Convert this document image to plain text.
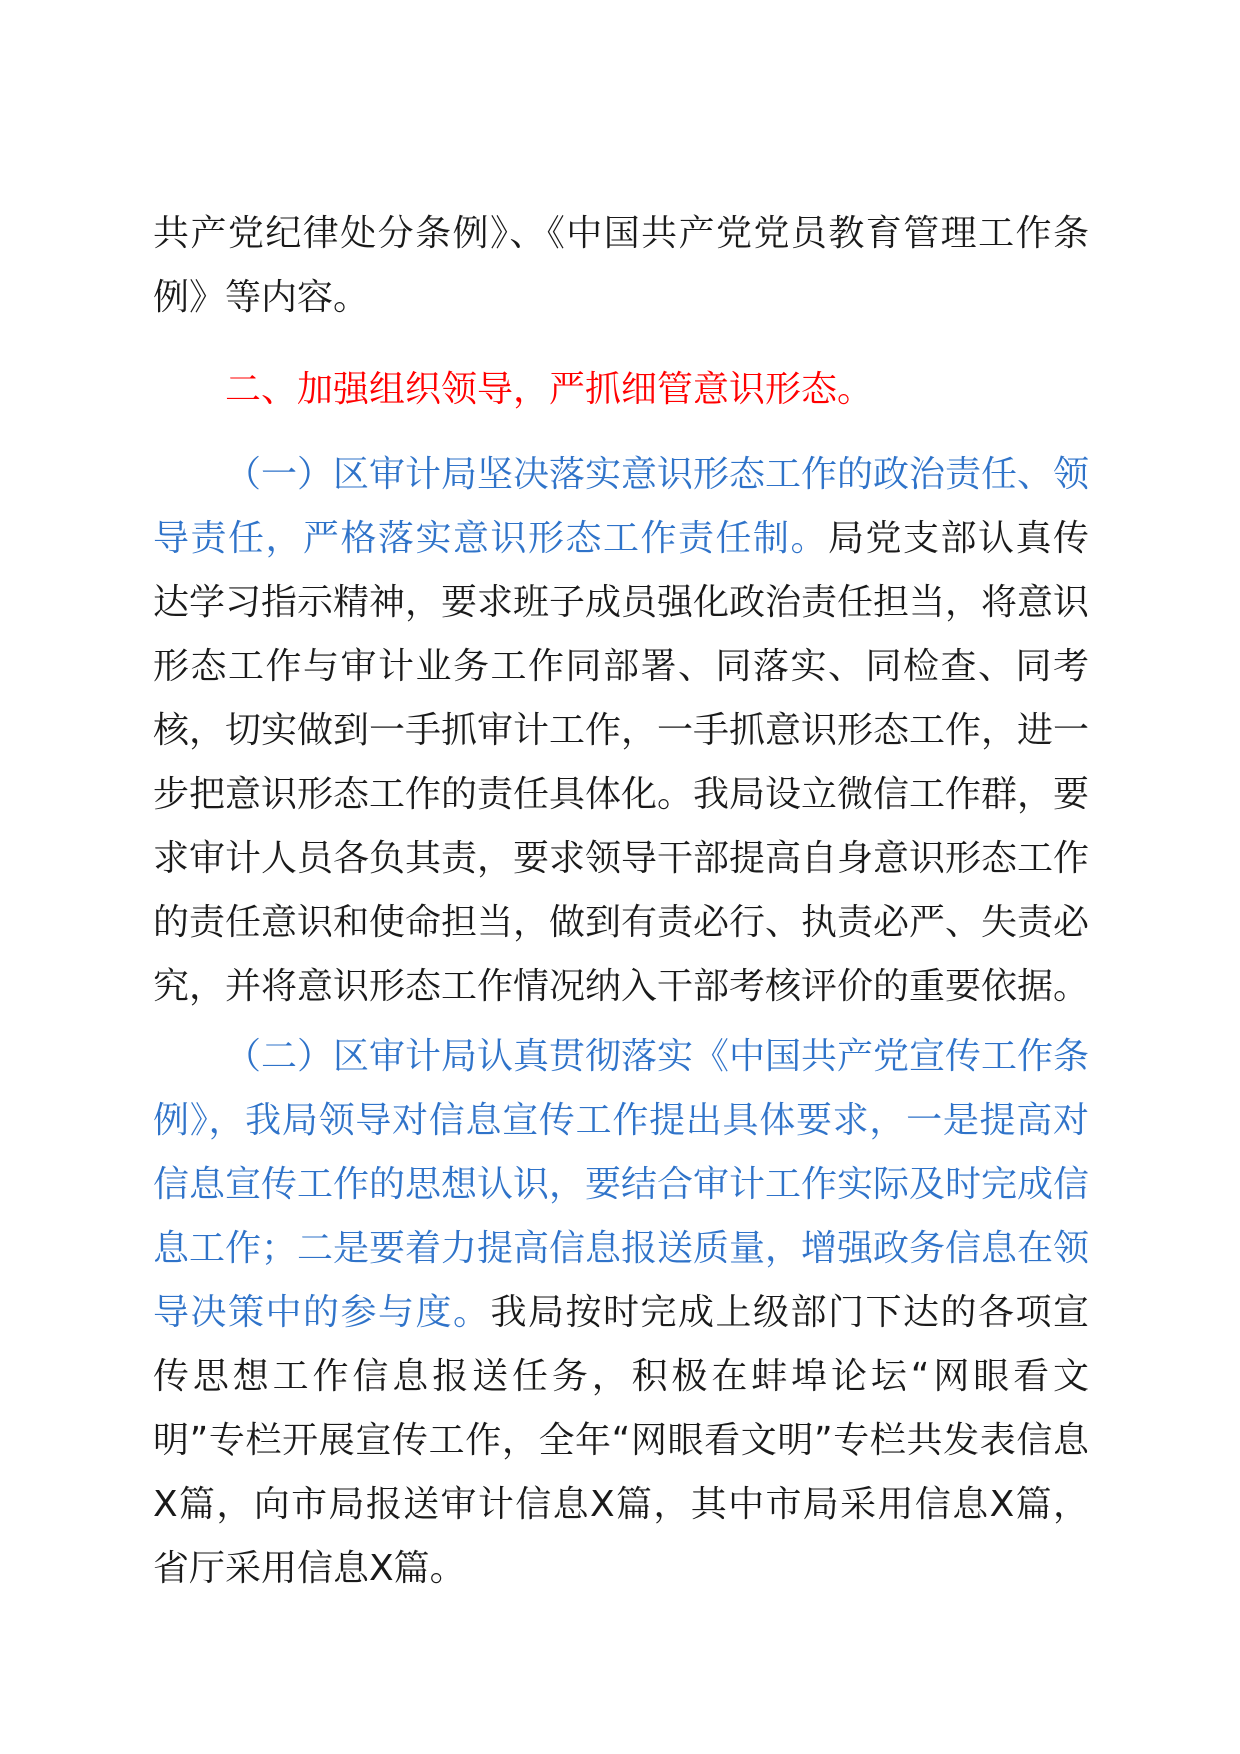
共产党纪律处分条例》、《中国共产党党员教育管理工作条例》等内容。

二、加强组织领导，严抓细管意识形态。

（一）区审计局坚决落实意识形态工作的政治责任、领导责任，严格落实意识形态工作责任制。局党支部认真传达学习指示精神，要求班子成员强化政治责任担当，将意识形态工作与审计业务工作同部署、同落实、同检查、同考核，切实做到一手抓审计工作，一手抓意识形态工作，进一步把意识形态工作的责任具体化。我局设立微信工作群，要求审计人员各负其责，要求领导干部提高自身意识形态工作的责任意识和使命担当，做到有责必行、执责必严、失责必究，并将意识形态工作情况纳入干部考核评价的重要依据。

（二）区审计局认真贯彻落实《中国共产党宣传工作条例》，我局领导对信息宣传工作提出具体要求，一是提高对信息宣传工作的思想认识，要结合审计工作实际及时完成信息工作；二是要着力提高信息报送质量，增强政务信息在领导决策中的参与度。我局按时完成上级部门下达的各项宣传思想工作信息报送任务，积极在蚌埠论坛“网眼看文明”专栏开展宣传工作，全年“网眼看文明”专栏共发表信息X篇，向市局报送审计信息X篇，其中市局采用信息X篇，省厅采用信息X篇。
